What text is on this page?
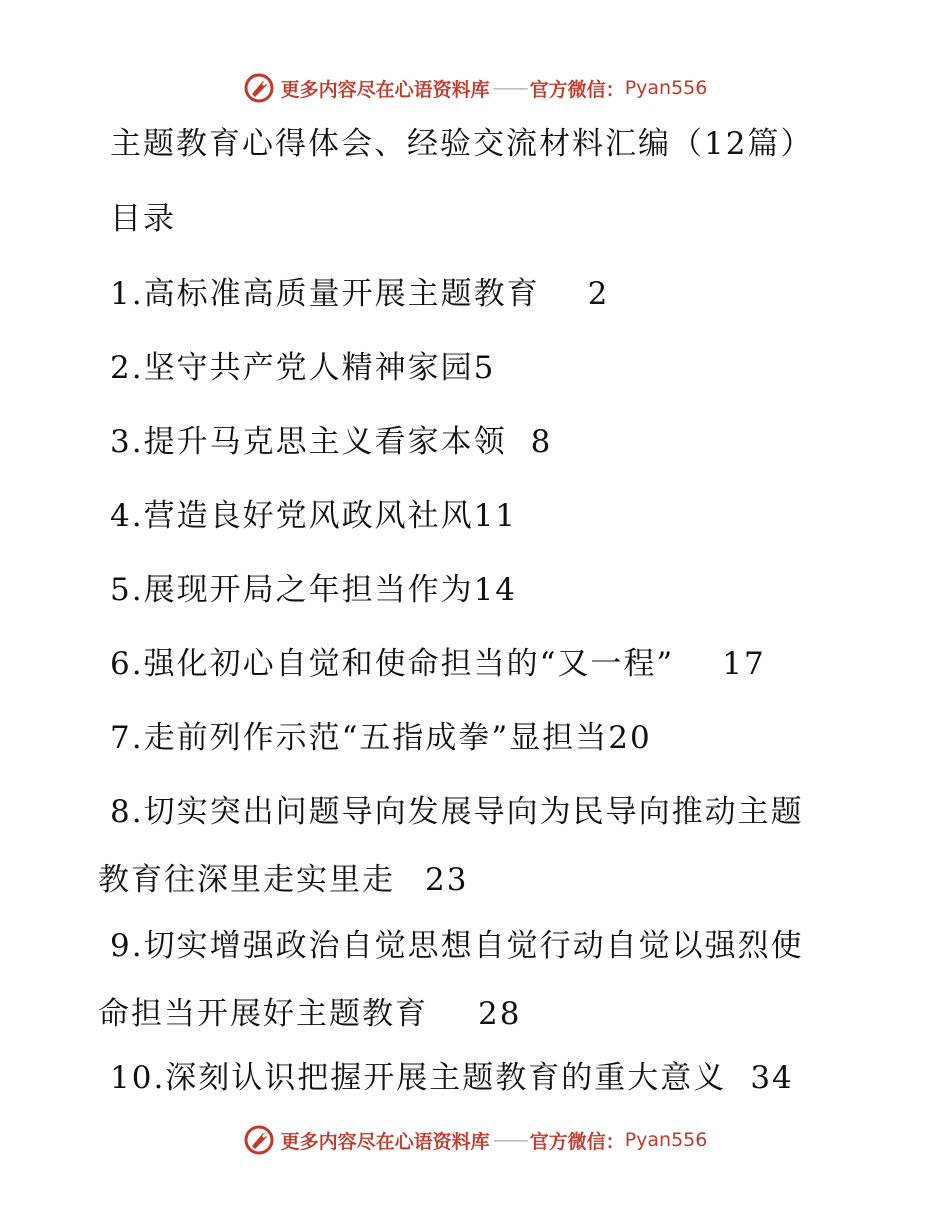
更多内容尽在心语资料库 —— 官方微信： Pyan556
主题教育心得体会、经验交流材料汇编（12篇）
目录
1.高标准高质量开展主题教育 2
2.坚守共产党人精神家园5
3.提升马克思主义看家本领 8
4.营造良好党风政风社风11
5.展现开局之年担当作为14
6.强化初心自觉和使命担当的“又一程” 17
7.走前列作示范“五指成拳”显担当20
8.切实突出问题导向发展导向为民导向推动主题教育往深里走实里走 23
9.切实增强政治自觉思想自觉行动自觉以强烈使命担当开展好主题教育 28
10.深刻认识把握开展主题教育的重大意义 34
更多内容尽在心语资料库 —— 官方微信： Pyan556
